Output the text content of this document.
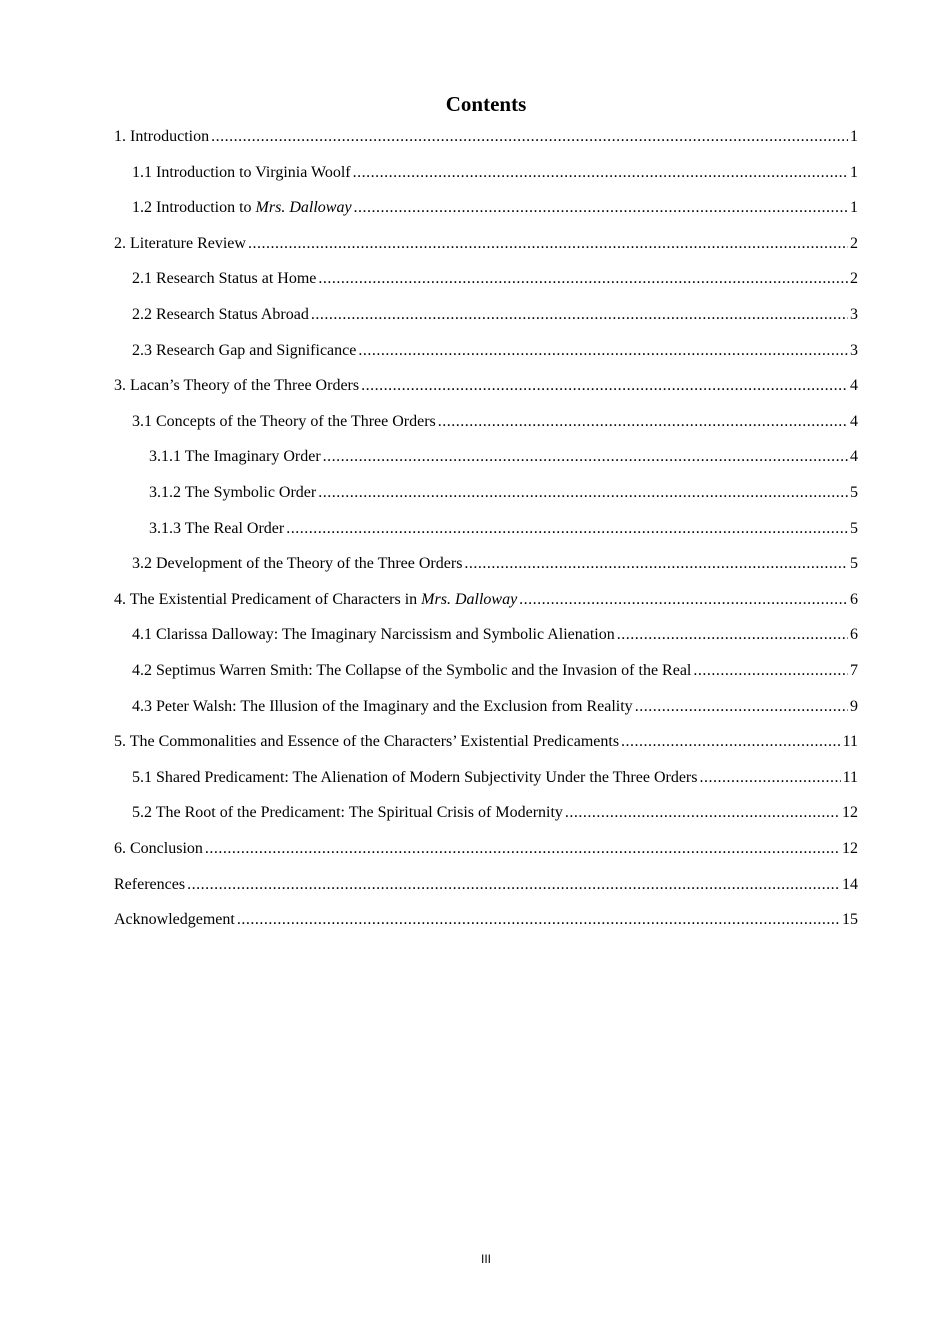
Contents
1. Introduction .....	1
1.1 Introduction to Virginia Woolf .....	1
1.2 Introduction to Mrs. Dalloway .....	1
2. Literature Review .....	2
2.1 Research Status at Home .....	2
2.2 Research Status Abroad .....	3
2.3 Research Gap and Significance .....	3
3. Lacan’s Theory of the Three Orders .....	4
3.1 Concepts of the Theory of the Three Orders .....	4
3.1.1 The Imaginary Order .....	4
3.1.2 The Symbolic Order .....	5
3.1.3 The Real Order .....	5
3.2 Development of the Theory of the Three Orders .....	5
4. The Existential Predicament of Characters in Mrs. Dalloway .....	6
4.1 Clarissa Dalloway: The Imaginary Narcissism and Symbolic Alienation .....	6
4.2 Septimus Warren Smith: The Collapse of the Symbolic and the Invasion of the Real .....	7
4.3 Peter Walsh: The Illusion of the Imaginary and the Exclusion from Reality .....	9
5. The Commonalities and Essence of the Characters’ Existential Predicaments .....	11
5.1 Shared Predicament: The Alienation of Modern Subjectivity Under the Three Orders .....	11
5.2 The Root of the Predicament: The Spiritual Crisis of Modernity .....	12
6. Conclusion .....	12
References .....	14
Acknowledgement .....	15
III
